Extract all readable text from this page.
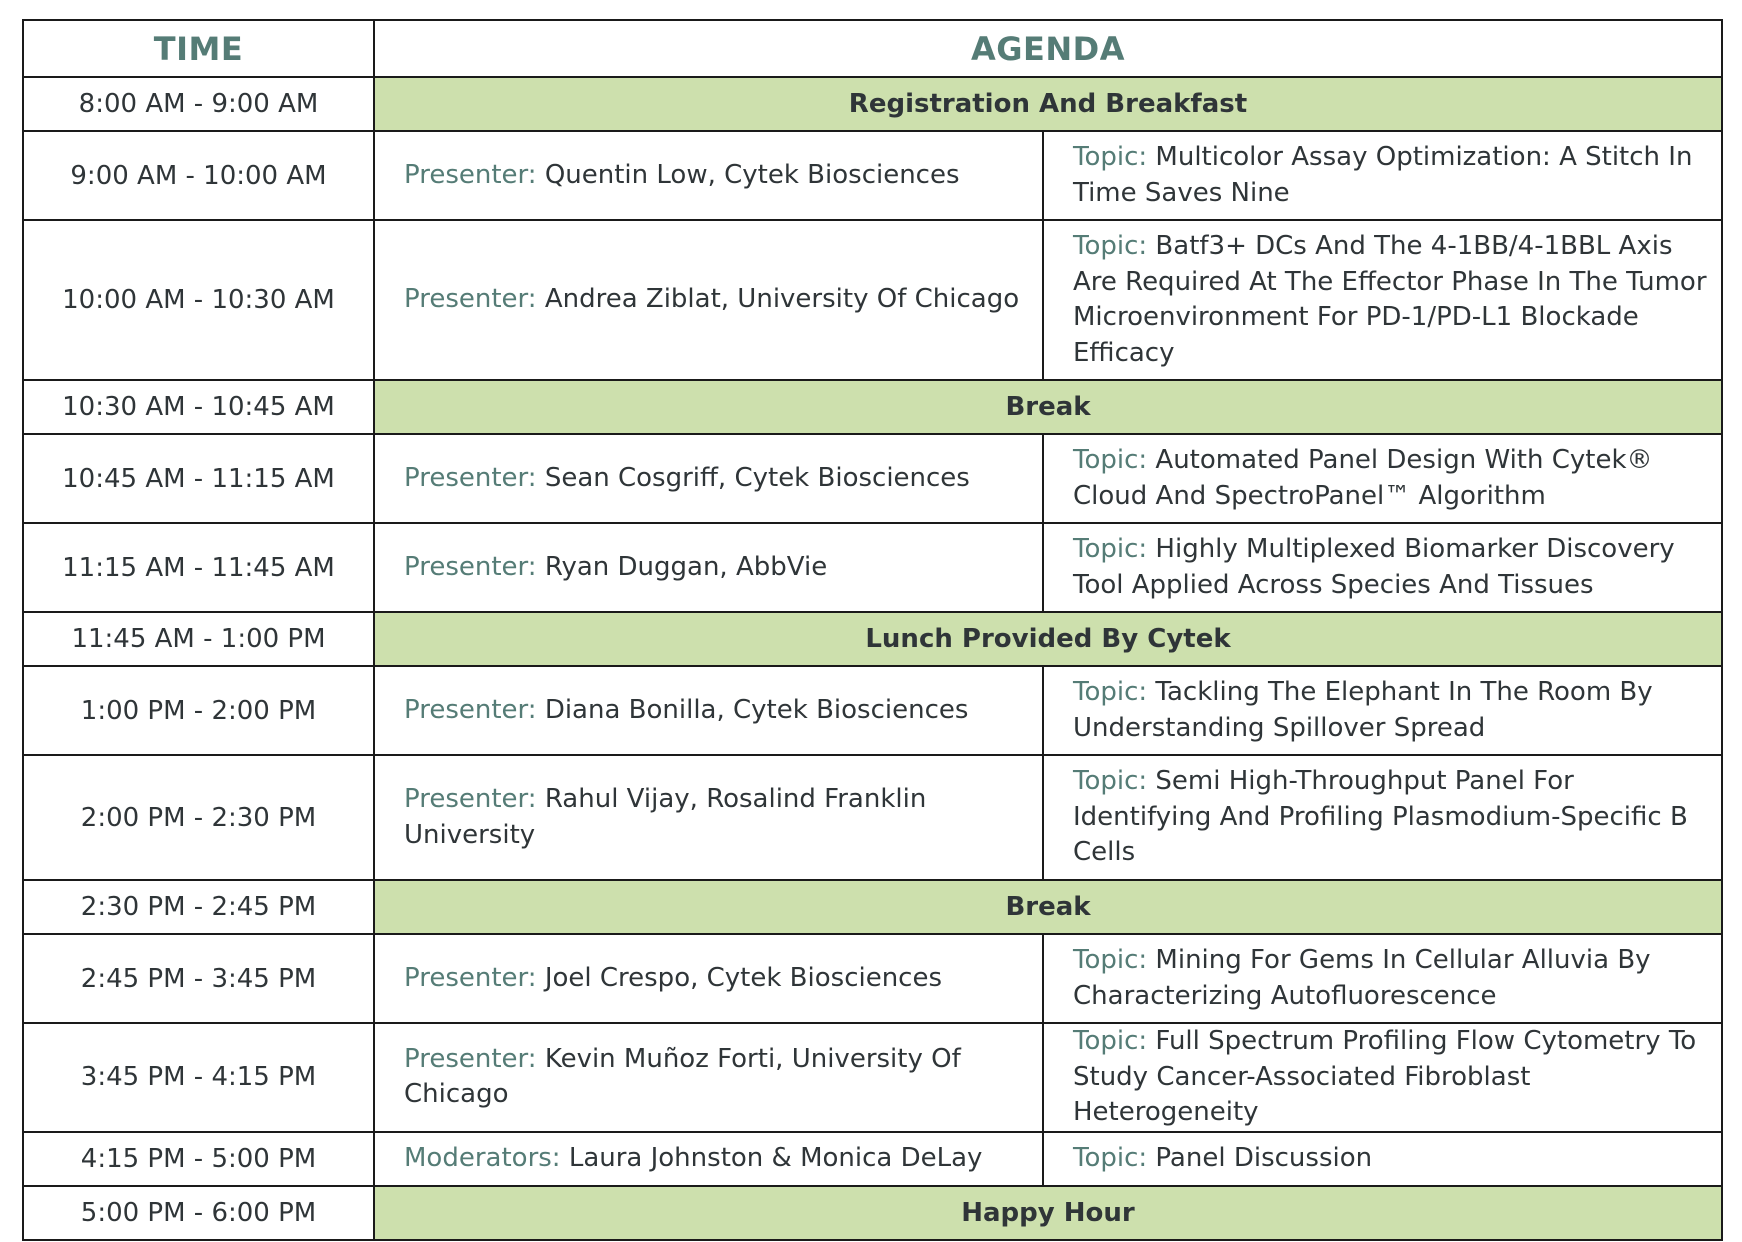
TIME	AGENDA	
8:00 AM - 9:00 AM	Registration And Breakfast	
9:00 AM - 10:00 AM	Presenter: Quentin Low, Cytek Biosciences	Topic: Multicolor Assay Optimization: A Stitch In Time Saves Nine
10:00 AM - 10:30 AM	Presenter: Andrea Ziblat, University Of Chicago	Topic: Batf3+ DCs And The 4-1BB/4-1BBL Axis Are Required At The Effector Phase In The Tumor Microenvironment For PD-1/PD-L1 Blockade Efficacy
10:30 AM - 10:45 AM	Break	
10:45 AM - 11:15 AM	Presenter: Sean Cosgriff, Cytek Biosciences	Topic: Automated Panel Design With Cytek® Cloud And SpectroPanel™ Algorithm
11:15 AM - 11:45 AM	Presenter: Ryan Duggan, AbbVie	Topic: Highly Multiplexed Biomarker Discovery Tool Applied Across Species And Tissues
11:45 AM - 1:00 PM	Lunch Provided By Cytek	
1:00 PM - 2:00 PM	Presenter: Diana Bonilla, Cytek Biosciences	Topic: Tackling The Elephant In The Room By Understanding Spillover Spread
2:00 PM - 2:30 PM	Presenter: Rahul Vijay, Rosalind Franklin University	Topic: Semi High-Throughput Panel For Identifying And Profiling Plasmodium-Specific B Cells
2:30 PM - 2:45 PM	Break	
2:45 PM - 3:45 PM	Presenter: Joel Crespo, Cytek Biosciences	Topic: Mining For Gems In Cellular Alluvia By Characterizing Autofluorescence
3:45 PM - 4:15 PM	Presenter: Kevin Muñoz Forti, University Of Chicago	Topic: Full Spectrum Profiling Flow Cytometry To Study Cancer-Associated Fibroblast Heterogeneity
4:15 PM - 5:00 PM	Moderators: Laura Johnston & Monica DeLay	Topic: Panel Discussion
5:00 PM - 6:00 PM	Happy Hour	
